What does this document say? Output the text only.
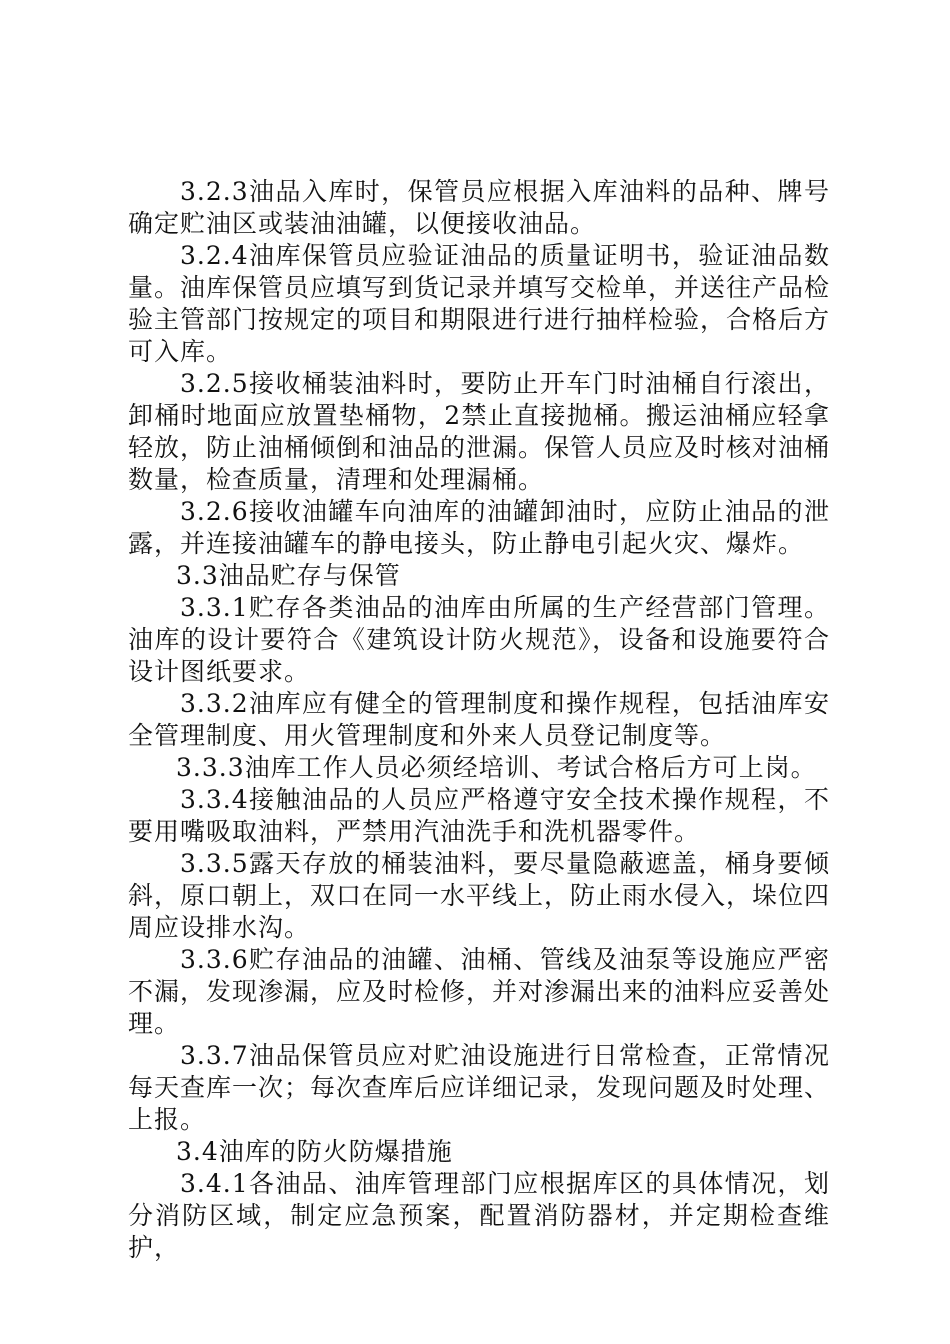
3.2.3油品入库时，保管员应根据入库油料的品种、牌号确定贮油区或装油油罐，以便接收油品。

3.2.4油库保管员应验证油品的质量证明书，验证油品数量。油库保管员应填写到货记录并填写交检单，并送往产品检验主管部门按规定的项目和期限进行进行抽样检验，合格后方可入库。

3.2.5接收桶装油料时，要防止开车门时油桶自行滚出，卸桶时地面应放置垫桶物，2禁止直接抛桶。搬运油桶应轻拿轻放，防止油桶倾倒和油品的泄漏。保管人员应及时核对油桶数量，检查质量，清理和处理漏桶。

3.2.6接收油罐车向油库的油罐卸油时，应防止油品的泄露，并连接油罐车的静电接头，防止静电引起火灾、爆炸。

3.3油品贮存与保管

3.3.1贮存各类油品的油库由所属的生产经营部门管理。油库的设计要符合《建筑设计防火规范》，设备和设施要符合设计图纸要求。

3.3.2油库应有健全的管理制度和操作规程，包括油库安全管理制度、用火管理制度和外来人员登记制度等。

3.3.3油库工作人员必须经培训、考试合格后方可上岗。

3.3.4接触油品的人员应严格遵守安全技术操作规程，不要用嘴吸取油料，严禁用汽油洗手和洗机器零件。

3.3.5露天存放的桶装油料，要尽量隐蔽遮盖，桶身要倾斜，原口朝上，双口在同一水平线上，防止雨水侵入，垛位四周应设排水沟。

3.3.6贮存油品的油罐、油桶、管线及油泵等设施应严密不漏，发现渗漏，应及时检修，并对渗漏出来的油料应妥善处理。

3.3.7油品保管员应对贮油设施进行日常检查，正常情况每天查库一次；每次查库后应详细记录，发现问题及时处理、上报。

3.4油库的防火防爆措施

3.4.1各油品、油库管理部门应根据库区的具体情况，划分消防区域，制定应急预案，配置消防器材，并定期检查维护，
